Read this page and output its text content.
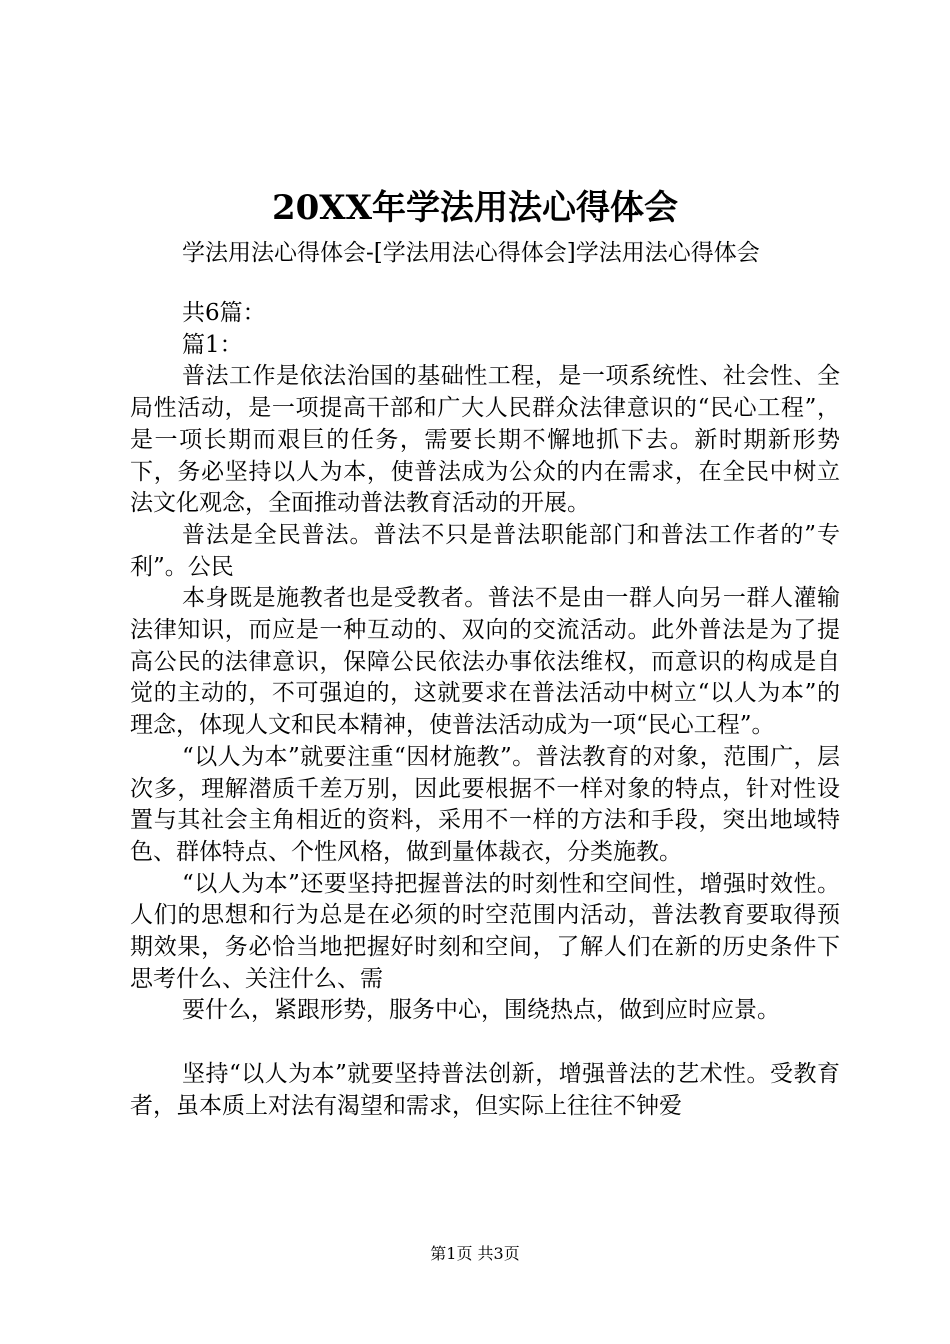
20XX年学法用法心得体会

学法用法心得体会-[学法用法心得体会]学法用法心得体会

共6篇：

篇1：

普法工作是依法治国的基础性工程，是一项系统性、社会性、全局性活动，是一项提高干部和广大人民群众法律意识的“民心工程”，是一项长期而艰巨的任务，需要长期不懈地抓下去。新时期新形势下，务必坚持以人为本，使普法成为公众的内在需求，在全民中树立法文化观念，全面推动普法教育活动的开展。

普法是全民普法。普法不只是普法职能部门和普法工作者的”专利”。公民

本身既是施教者也是受教者。普法不是由一群人向另一群人灌输法律知识，而应是一种互动的、双向的交流活动。此外普法是为了提高公民的法律意识，保障公民依法办事依法维权，而意识的构成是自觉的主动的，不可强迫的，这就要求在普法活动中树立“以人为本”的理念，体现人文和民本精神，使普法活动成为一项“民心工程”。

“以人为本”就要注重“因材施教”。普法教育的对象，范围广，层次多，理解潜质千差万别，因此要根据不一样对象的特点，针对性设置与其社会主角相近的资料，采用不一样的方法和手段，突出地域特色、群体特点、个性风格，做到量体裁衣，分类施教。

“以人为本”还要坚持把握普法的时刻性和空间性，增强时效性。人们的思想和行为总是在必须的时空范围内活动，普法教育要取得预期效果，务必恰当地把握好时刻和空间，了解人们在新的历史条件下思考什么、关注什么、需

要什么，紧跟形势，服务中心，围绕热点，做到应时应景。

坚持“以人为本”就要坚持普法创新，增强普法的艺术性。受教育者，虽本质上对法有渴望和需求，但实际上往往不钟爱

第1页 共3页
